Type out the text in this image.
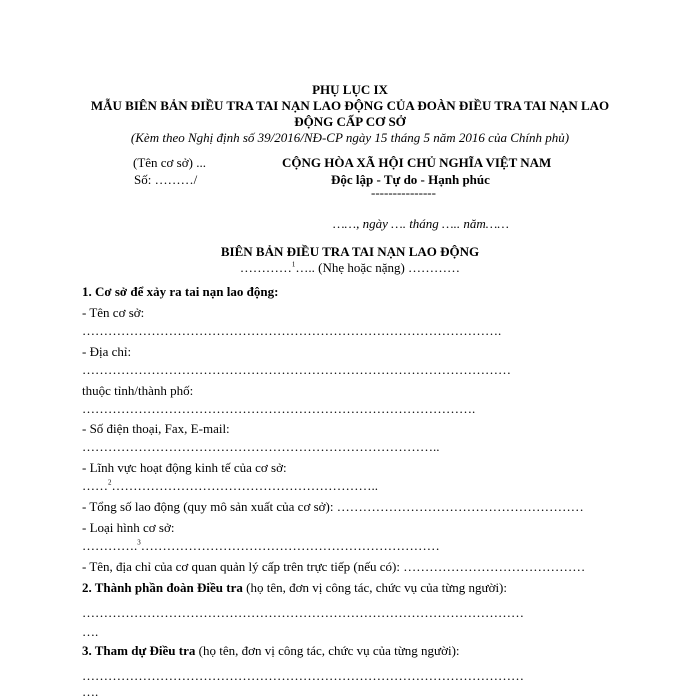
PHỤ LỤC IX
MẪU BIÊN BẢN ĐIỀU TRA TAI NẠN LAO ĐỘNG CỦA ĐOÀN ĐIỀU TRA TAI NẠN LAO
ĐỘNG CẤP CƠ SỞ
(Kèm theo Nghị định số 39/2016/NĐ-CP ngày 15 tháng 5 năm 2016 của Chính phủ)
(Tên cơ sở) ...
Số: ………/
CỘNG HÒA XÃ HỘI CHỦ NGHĨA VIỆT NAM
Độc lập - Tự do - Hạnh phúc
---------------
……, ngày …. tháng ….. năm……
BIÊN BẢN ĐIỀU TRA TAI NẠN LAO ĐỘNG
…………$^1$….. (Nhẹ hoặc nặng) …………
1. Cơ sở để xảy ra tai nạn lao động:
- Tên cơ sở:
…………………………………………………………………………………….
- Địa chỉ:
………………………………………………………………………………………
thuộc tỉnh/thành phố:
……………………………………………………………………………….
- Số điện thoại, Fax, E-mail:
………………………………………………………………………..
- Lĩnh vực hoạt động kinh tế của cơ sở:
……$^2$……………………………………………………..
- Tổng số lao động (quy mô sản xuất của cơ sở): …………………………………………………
- Loại hình cơ sở:
………….$^3$……………………………………………………………
- Tên, địa chỉ của cơ quan quản lý cấp trên trực tiếp (nếu có): ……………………………………
2. Thành phần đoàn Điều tra (họ tên, đơn vị công tác, chức vụ của từng người):
…………………………………………………………………………………………
….
3. Tham dự Điều tra (họ tên, đơn vị công tác, chức vụ của từng người):
…………………………………………………………………………………………
….
